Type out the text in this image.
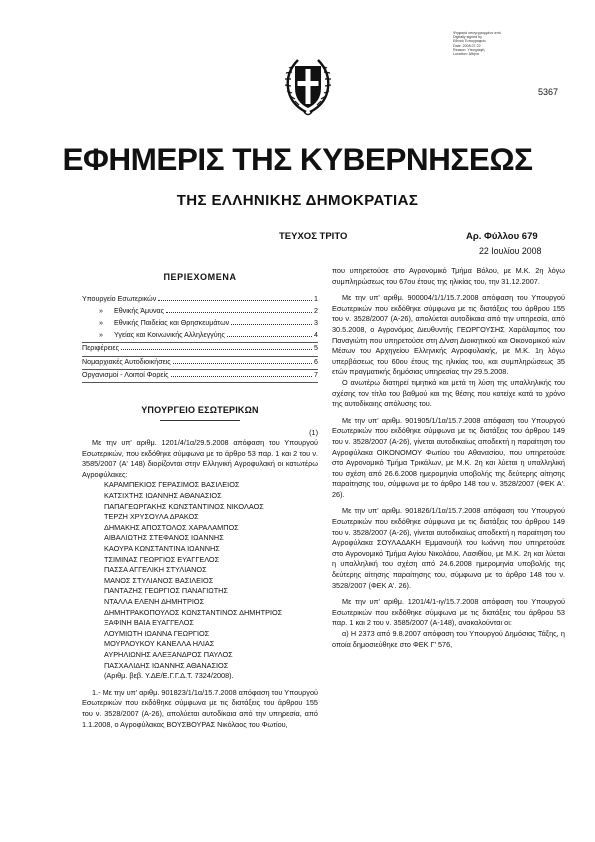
Ψηφιακά υπογεγραμμένο από
Digitally signed by
Εθνικό Τυπογραφείο
Date: 2008.07.22
Reason: Υπογραφή
Location: Αθήνα
5367
ΕΦΗΜΕΡΙΣ ΤΗΣ ΚΥΒΕΡΝΗΣΕΩΣ
ΤΗΣ ΕΛΛΗΝΙΚΗΣ ΔΗΜΟΚΡΑΤΙΑΣ
ΤΕΥΧΟΣ ΤΡΙΤΟ	Αρ. Φύλλου 679
22 Ιουλίου 2008
ΠΕΡΙΕΧΟΜΕΝΑ
Υπουργείο Εσωτερικών	1
» Εθνικής Άμυνας	2
» Εθνικής Παιδείας και Θρησκευμάτων	3
» Υγείας και Κοινωνικής Αλληλεγγύης	4
Περιφέρειες	5
Νομαρχιακές Αυτοδιοικήσεις	6
Οργανισμοί - Λοιποί Φορείς	7
ΥΠΟΥΡΓΕΙΟ ΕΣΩΤΕΡΙΚΩΝ

(1)

Με την υπ' αριθμ. 1201/4/1α/29.5.2008 απόφαση του Υπουργού Εσωτερικών, που εκδόθηκε σύμφωνα με το άρθρο 53 παρ. 1 και 2 του ν. 3585/2007 (Α' 148) διορίζονται στην Ελληνική Αγροφυλακή οι κατωτέρω Αγροφύλακες:

ΚΑΡΑΜΠΕΚΙΟΣ ΓΕΡΑΣΙΜΟΣ ΒΑΣΙΛΕΙΟΣ
ΚΑΤΣΙΧΤΗΣ ΙΩΑΝΝΗΣ ΑΘΑΝΑΣΙΟΣ
ΠΑΠΑΓΕΩΡΓΑΚΗΣ ΚΩΝΣΤΑΝΤΙΝΟΣ ΝΙΚΟΛΑΟΣ
ΤΕΡΖΗ ΧΡΥΣΟΥΛΑ ΔΡΑΚΟΣ
ΔΗΜΑΚΗΣ ΑΠΟΣΤΟΛΟΣ ΧΑΡΑΛΑΜΠΟΣ
ΑΙΒΑΛΙΩΤΗΣ ΣΤΕΦΑΝΟΣ ΙΩΑΝΝΗΣ
ΚΑΟΥΡΑ ΚΩΝΣΤΑΝΤΙΝΑ ΙΩΑΝΝΗΣ
ΤΣΙΜΙΝΑΣ ΓΕΩΡΓΙΟΣ ΕΥΑΓΓΕΛΟΣ
ΠΑΣΣΑ ΑΓΓΕΛΙΚΗ ΣΤΥΛΙΑΝΟΣ
ΜΑΝΟΣ ΣΤΥΛΙΑΝΟΣ ΒΑΣΙΛΕΙΟΣ
ΠΑΝΤΑΖΗΣ ΓΕΩΡΓΙΟΣ ΠΑΝΑΓΙΩΤΗΣ
ΝΤΑΛΛΑ ΕΛΕΝΗ ΔΗΜΗΤΡΙΟΣ
ΔΗΜΗΤΡΑΚΟΠΟΥΛΟΣ ΚΩΝΣΤΑΝΤΙΝΟΣ ΔΗΜΗΤΡΙΟΣ
ΞΑΦΙΝΗ ΒΑΙΑ ΕΥΑΓΓΕΛΟΣ
ΛΟΥΜΙΩΤΗ ΙΩΑΝΝΑ ΓΕΩΡΓΙΟΣ
ΜΟΥΡΛΟΥΚΟΥ ΚΑΝΕΛΛΑ ΗΛΙΑΣ
ΑΥΡΗΛΙΩΝΗΣ ΑΛΕΞΑΝΔΡΟΣ ΠΑΥΛΟΣ
ΠΑΣΧΑΛΙΔΗΣ ΙΩΑΝΝΗΣ ΑΘΑΝΑΣΙΟΣ
(Αριθμ. βεβ. Υ.ΔΕ/Ε.Γ.Γ.Δ.Τ. 7324/2008).

1.- Με την υπ' αριθμ. 901823/1/1α/15.7.2008 απόφαση του Υπουργού Εσωτερικών που εκδόθηκε σύμφωνα με τις διατάξεις του άρθρου 155 του ν. 3528/2007 (Α-26), απολύεται αυτοδίκαια από την υπηρεσία, από 1.1.2008, ο Αγροφύλακας ΒΟΥΣΒΟΥΡΑΣ Νικόλαος του Φωτίου,

που υπηρετούσε στο Αγρονομικό Τμήμα Βόλου, με Μ.Κ. 2η λόγω συμπληρώσεως του 67ου έτους της ηλικίας του, την 31.12.2007.

Με την υπ' αριθμ. 900004/1/1/15.7.2008 απόφαση του Υπουργού Εσωτερικών που εκδόθηκε σύμφωνα με τις διατάξεις του άρθρου 155 του ν. 3528/2007 (Α-26), απολύεται αυτοδίκαια από την υπηρεσία, από 30.5.2008, ο Αγρονόμος Διευθυντής ΓΕΩΡΓΟΥΣΗΣ Χαράλαμπος του Παναγιώτη που υπηρετούσε στη Δ/νση Διοικητικού και Οικονομικού κών Μέσων του Αρχηγείου Ελληνικής Αγροφυλακής, με Μ.Κ. 1η λόγω υπερβάσεως του 60ου έτους της ηλικίας του, και συμπληρώσεως 35 ετών πραγματικής δημόσιας υπηρεσίας την 29.5.2008.

Ο ανωτέρω διατηρεί τιμητικά και μετά τη λύση της υπαλληλικής του σχέσης τον τίτλο του βαθμού και της θέσης που κατείχε κατά το χρόνο της αυτοδίκαιης απόλυσης του.

Με την υπ' αριθμ. 901905/1/1α/15.7.2008 απόφαση του Υπουργού Εσωτερικών που εκδόθηκε σύμφωνα με τις διατάξεις του άρθρου 149 του ν. 3528/2007 (Α-26), γίνεται αυτοδικαίως αποδεκτή η παραίτηση του Αγροφύλακα ΟΙΚΟΝΟΜΟΥ Φωτίου του Αθανασίου, που υπηρετούσε στο Αγρονομικό Τμήμα Τρικάλων, με Μ.Κ. 2η και λύεται η υπαλληλική του σχέση από 26.6.2008 ημερομηνία υποβολής της δεύτερης αίτησης παραίτησης του, σύμφωνα με το άρθρο 148 του ν. 3528/2007 (ΦΕΚ Α'. 26).

Με την υπ' αριθμ. 901826/1/1α/15.7.2008 απόφαση του Υπουργού Εσωτερικών που εκδόθηκε σύμφωνα με τις διατάξεις του άρθρου 149 του ν. 3528/2007 (Α-26), γίνεται αυτοδικαίως αποδεκτή η παραίτηση του Αγροφύλακα ΣΟΥΛΑΔΑΚΗ Εμμανουήλ του Ιωάννη που υπηρετούσε στο Αγρονομικό Τμήμα Αγίου Νικολάου, Λασιθίου, με Μ.Κ. 2η και λύεται η υπαλληλική του σχέση από 24.6.2008 ημερομηνία υποβολής της δεύτερης αίτησης παραίτησης του, σύμφωνα με το άρθρο 148 του ν. 3528/2007 (ΦΕΚ Α'. 26).

Με την υπ' αριθμ. 1201/4/1-ιγ/15.7.2008 απόφαση του Υπουργού Εσωτερικών που εκδόθηκε σύμφωνα με τις διατάξεις του άρθρου 53 παρ. 1 και 2 του ν. 3585/2007 (Α-148), ανακαλούνται οι:

α) Η 2373 από 9.8.2007 απόφαση του Υπουργού Δημόσιας Τάξης, η οποία δημοσιεύθηκε στο ΦΕΚ Γ' 576,
